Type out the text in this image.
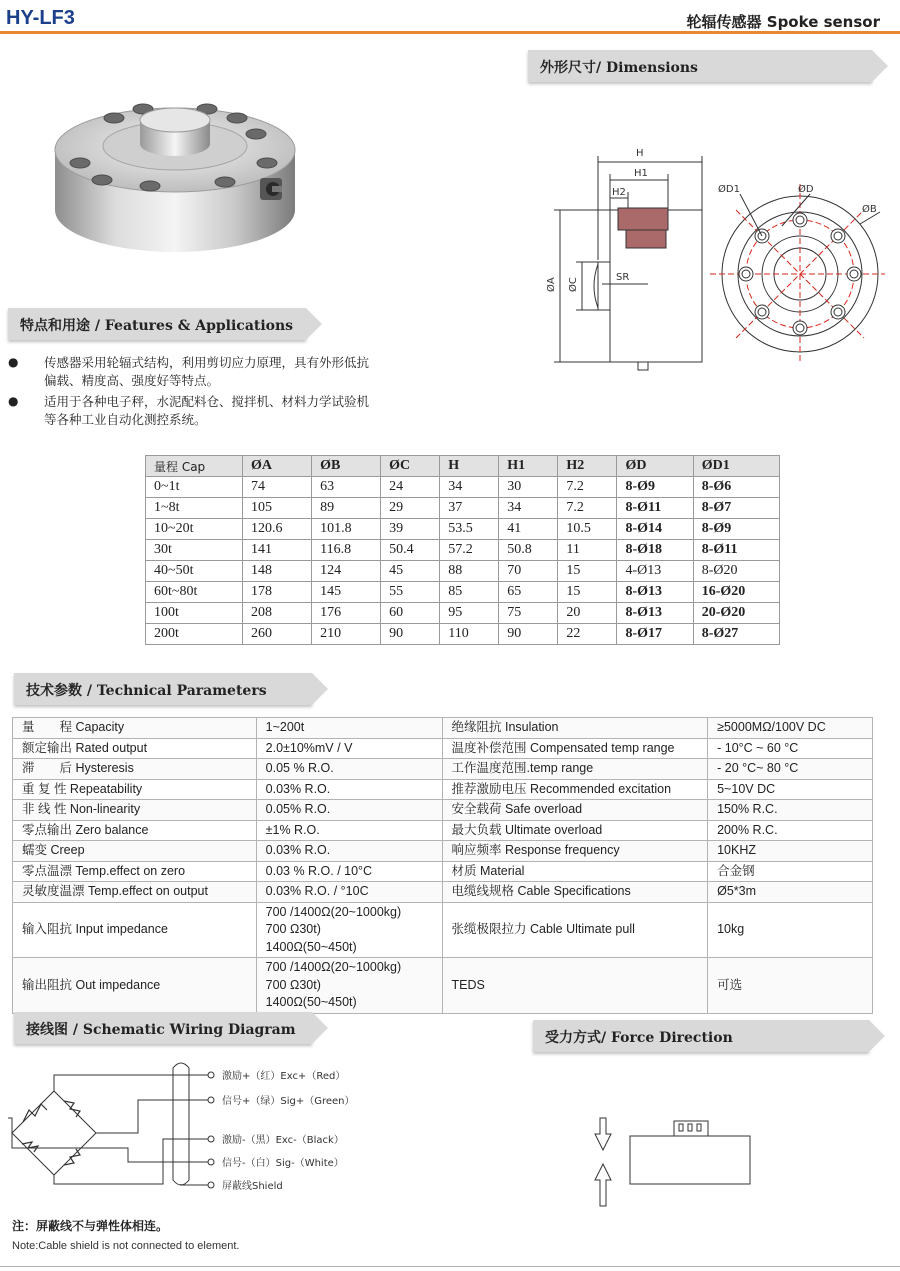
HY-LF3	轮辐传感器 Spoke sensor
外形尺寸/ Dimensions
H
H1
H2
SR
ØA ØC
ØD1	ØD
ØB
特点和用途 / Features & Applications
● 传感器采用轮辐式结构，利用剪切应力原理，具有外形低抗偏载、精度高、强度好等特点。
● 适用于各种电子秤，水泥配料仓、搅拌机、材料力学试验机等各种工业自动化测控系统。
量程 Cap	ØA	ØB	ØC	H	H1	H2	ØD	ØD1
0~1t	74	63	24	34	30	7.2	8-Ø9	8-Ø6
1~8t	105	89	29	37	34	7.2	8-Ø11	8-Ø7
10~20t	120.6	101.8	39	53.5	41	10.5	8-Ø14	8-Ø9
30t	141	116.8	50.4	57.2	50.8	11	8-Ø18	8-Ø11
40~50t	148	124	45	88	70	15	4-Ø13	8-Ø20
60t~80t	178	145	55	85	65	15	8-Ø13	16-Ø20
100t	208	176	60	95	75	20	8-Ø13	20-Ø20
200t	260	210	90	110	90	22	8-Ø17	8-Ø27
技术参数 / Technical Parameters
量　　程 Capacity	1~200t	绝缘阻抗 Insulation	≥5000MΩ/100V DC
额定输出 Rated output	2.0±10%mV / V	温度补偿范围 Compensated temp range	- 10°C ~ 60 °C
滞　　后 Hysteresis	0.05 % R.O.	工作温度范围.temp range	- 20 °C~ 80 °C
重 复 性 Repeatability	0.03% R.O.	推荐激励电压 Recommended excitation	5~10V DC
非 线 性 Non-linearity	0.05% R.O.	安全载荷 Safe overload	150% R.C.
零点输出 Zero balance	±1% R.O.	最大负载 Ultimate overload	200% R.C.
蠕变 Creep	0.03% R.O.	响应频率 Response frequency	10KHZ
零点温漂 Temp.effect on zero	0.03 % R.O. / 10°C	材质 Material	合金钢
灵敏度温漂 Temp.effect on output	0.03% R.O. / °10C	电缆线规格 Cable Specifications	Ø5*3m
输入阻抗 Input impedance	700 /1400Ω(20~1000kg)
700 Ω30t)
1400Ω(50~450t)	张缆极限拉力 Cable Ultimate pull	10kg
输出阻抗 Out impedance	700 /1400Ω(20~1000kg)
700 Ω30t)
1400Ω(50~450t)	TEDS	可选
接线图 / Schematic Wiring Diagram	受力方式/ Force Direction
激励+（红）Exc+（Red）
信号+（绿）Sig+（Green）
激励-（黑）Exc-（Black）
信号-（白）Sig-（White）
屏蔽线Shield
注：屏蔽线不与弹性体相连。
Note:Cable shield is not connected to element.
